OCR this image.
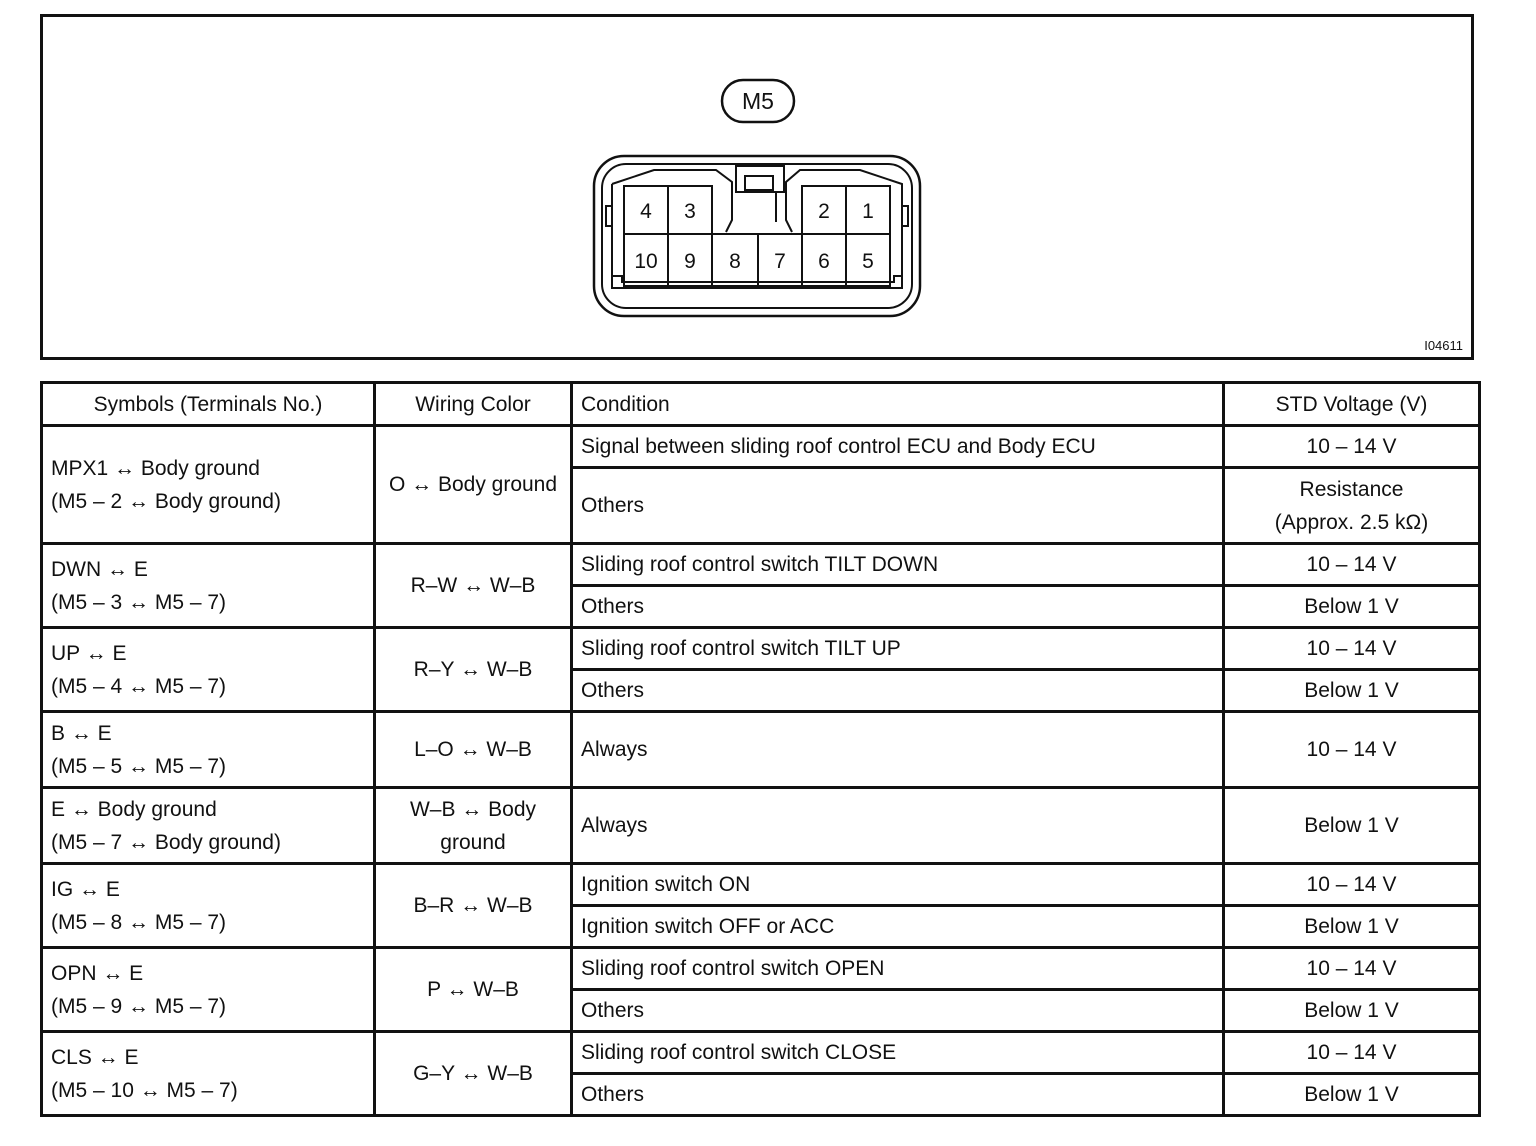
I04611
M5
4 3	2 1
10 9 8 7 6 5
Symbols (Terminals No.)	Wiring Color	Condition	STD Voltage (V)

MPX1 ↔ Body ground
(M5 – 2 ↔ Body ground)	O ↔ Body ground	Signal between sliding roof control ECU and Body ECU	10 – 14 V

		Others	Resistance
(Approx. 2.5 kΩ)

DWN ↔ E
(M5 – 3 ↔ M5 – 7)	R–W ↔ W–B	Sliding roof control switch TILT DOWN	10 – 14 V

		Others	Below 1 V

UP ↔ E
(M5 – 4 ↔ M5 – 7)	R–Y ↔ W–B	Sliding roof control switch TILT UP	10 – 14 V

		Others	Below 1 V

B ↔ E
(M5 – 5 ↔ M5 – 7)	L–O ↔ W–B	Always	10 – 14 V

E ↔ Body ground
(M5 – 7 ↔ Body ground)	W–B ↔ Body
ground	Always	Below 1 V

IG ↔ E
(M5 – 8 ↔ M5 – 7)	B–R ↔ W–B	Ignition switch ON	10 – 14 V

		Ignition switch OFF or ACC	Below 1 V

OPN ↔ E
(M5 – 9 ↔ M5 – 7)	P ↔ W–B	Sliding roof control switch OPEN	10 – 14 V

		Others	Below 1 V

CLS ↔ E
(M5 – 10 ↔ M5 – 7)	G–Y ↔ W–B	Sliding roof control switch CLOSE	10 – 14 V

		Others	Below 1 V
